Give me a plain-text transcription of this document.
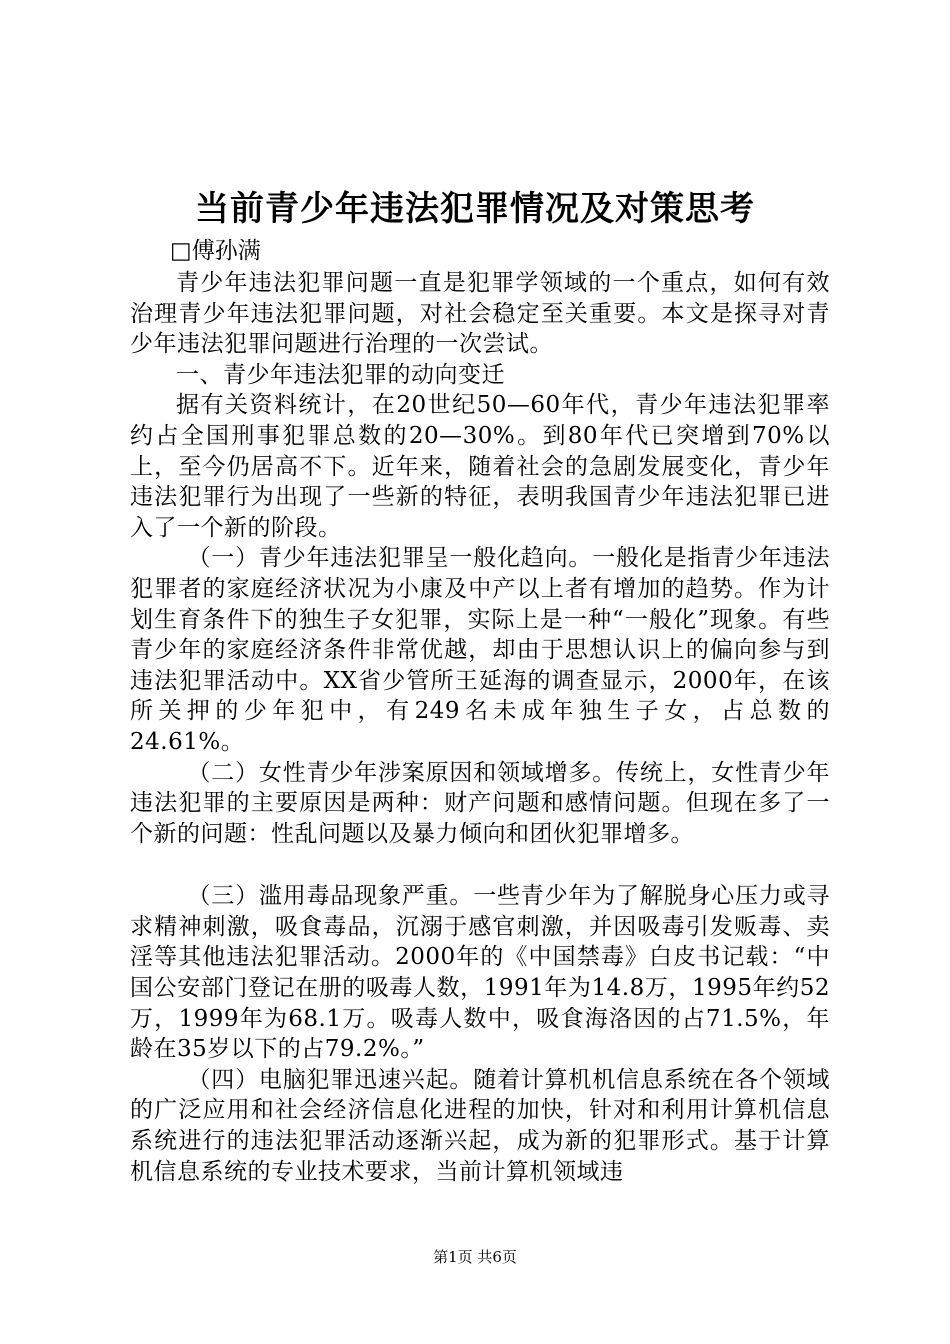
当前青少年违法犯罪情况及对策思考
□傅孙满

青少年违法犯罪问题一直是犯罪学领域的一个重点，如何有效治理青少年违法犯罪问题，对社会稳定至关重要。本文是探寻对青少年违法犯罪问题进行治理的一次尝试。

一、青少年违法犯罪的动向变迁

据有关资料统计，在20世纪50—60年代，青少年违法犯罪率约占全国刑事犯罪总数的20—30%。到80年代已突增到70%以上，至今仍居高不下。近年来，随着社会的急剧发展变化，青少年违法犯罪行为出现了一些新的特征，表明我国青少年违法犯罪已进入了一个新的阶段。

（一）青少年违法犯罪呈一般化趋向。一般化是指青少年违法犯罪者的家庭经济状况为小康及中产以上者有增加的趋势。作为计划生育条件下的独生子女犯罪，实际上是一种“一般化”现象。有些青少年的家庭经济条件非常优越，却由于思想认识上的偏向参与到违法犯罪活动中。XX省少管所王延海的调查显示，2000年，在该所关押的少年犯中，有249名未成年独生子女，占总数的24.61%。

（二）女性青少年涉案原因和领域增多。传统上，女性青少年违法犯罪的主要原因是两种：财产问题和感情问题。但现在多了一个新的问题：性乱问题以及暴力倾向和团伙犯罪增多。

（三）滥用毒品现象严重。一些青少年为了解脱身心压力或寻求精神刺激，吸食毒品，沉溺于感官刺激，并因吸毒引发贩毒、卖淫等其他违法犯罪活动。2000年的《中国禁毒》白皮书记载：“中国公安部门登记在册的吸毒人数，1991年为14.8万，1995年约52万，1999年为68.1万。吸毒人数中，吸食海洛因的占71.5%，年龄在35岁以下的占79.2%。”

（四）电脑犯罪迅速兴起。随着计算机机信息系统在各个领域的广泛应用和社会经济信息化进程的加快，针对和利用计算机信息系统进行的违法犯罪活动逐渐兴起，成为新的犯罪形式。基于计算机信息系统的专业技术要求，当前计算机领域违

第1页 共6页
